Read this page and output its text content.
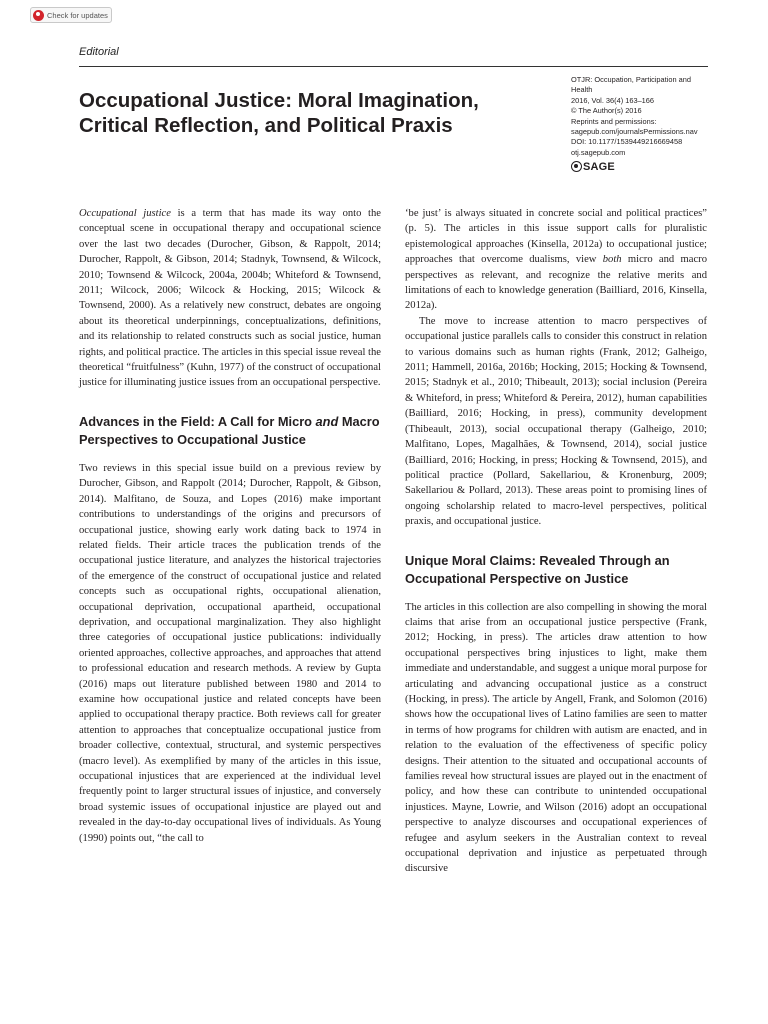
Check for updates
Editorial
Occupational Justice: Moral Imagination,
Critical Reflection, and Political Praxis
OTJR: Occupation, Participation and
Health
2016, Vol. 36(4) 163–166
© The Author(s) 2016
Reprints and permissions:
sagepub.com/journalsPermissions.nav
DOI: 10.1177/1539449216669458
otj.sagepub.com
SAGE

Occupational justice is a term that has made its way onto the conceptual scene in occupational therapy and occupational science over the last two decades (Durocher, Gibson, & Rappolt, 2014; Durocher, Rappolt, & Gibson, 2014; Stadnyk, Townsend, & Wilcock, 2010; Townsend & Wilcock, 2004a, 2004b; Whiteford & Townsend, 2011; Wilcock, 2006; Wilcock & Hocking, 2015; Wilcock & Townsend, 2000). As a relatively new construct, debates are ongoing about its theoretical underpinnings, conceptualizations, definitions, and its relationship to related constructs such as social justice, human rights, and political practice. The articles in this special issue reveal the theoretical “fruitfulness” (Kuhn, 1977) of the construct of occupational justice for illuminating justice issues from an occupational perspective.

Advances in the Field: A Call for Micro and Macro Perspectives to Occupational Justice

Two reviews in this special issue build on a previous review by Durocher, Gibson, and Rappolt (2014; Durocher, Rappolt, & Gibson, 2014). Malfitano, de Souza, and Lopes (2016) make important contributions to understandings of the origins and precursors of occupational justice, showing early work dating back to 1974 in related fields. Their article traces the publication trends of the occupational justice literature, and analyzes the historical trajectories of the emergence of the construct of occupational justice and related concepts such as occupational rights, occupational alienation, occupational deprivation, occupational apartheid, occupational deprivation, and occupational marginalization. They also highlight three categories of occupational justice publications: individually oriented approaches, collective approaches, and approaches that attend to professional education and research methods. A review by Gupta (2016) maps out literature published between 1980 and 2014 to examine how occupational justice and related concepts have been applied to occupational therapy practice. Both reviews call for greater attention to approaches that conceptualize occupational justice from broader collective, contextual, structural, and systemic perspectives (macro level). As exemplified by many of the articles in this issue, occupational injustices that are experienced at the individual level frequently point to larger structural issues of injustice, and conversely broad systemic issues of occupational injustice are played out and revealed in the day-to-day occupational lives of individuals. As Young (1990) points out, “the call to

‘be just’ is always situated in concrete social and political practices” (p. 5). The articles in this issue support calls for pluralistic epistemological approaches (Kinsella, 2012a) to occupational justice; approaches that overcome dualisms, view both micro and macro perspectives as relevant, and recognize the relative merits and limitations of each to knowledge generation (Bailliard, 2016, Kinsella, 2012a).

The move to increase attention to macro perspectives of occupational justice parallels calls to consider this construct in relation to various domains such as human rights (Frank, 2012; Galheigo, 2011; Hammell, 2016a, 2016b; Hocking, 2015; Hocking & Townsend, 2015; Stadnyk et al., 2010; Thibeault, 2013); social inclusion (Pereira & Whiteford, in press; Whiteford & Pereira, 2012), human capabilities (Bailliard, 2016; Hocking, in press), community development (Thibeault, 2013), social occupational therapy (Galheigo, 2010; Malfitano, Lopes, Magalhães, & Townsend, 2014), social justice (Bailliard, 2016; Hocking, in press; Hocking & Townsend, 2015), and political practice (Pollard, Sakellariou, & Kronenburg, 2009; Sakellariou & Pollard, 2013). These areas point to promising lines of ongoing scholarship related to macro-level perspectives, political praxis, and occupational justice.

Unique Moral Claims: Revealed Through an Occupational Perspective on Justice

The articles in this collection are also compelling in showing the moral claims that arise from an occupational justice perspective (Frank, 2012; Hocking, in press). The articles draw attention to how occupational perspectives bring injustices to light, make them immediate and understandable, and suggest a unique moral purpose for articulating and advancing occupational justice as a construct (Hocking, in press). The article by Angell, Frank, and Solomon (2016) shows how the occupational lives of Latino families are seen to matter in terms of how programs for children with autism are enacted, and in relation to the evaluation of the effectiveness of specific policy designs. Their attention to the situated and occupational accounts of families reveal how structural issues are played out in the enactment of policy, and how these can contribute to unintended occupational injustices. Mayne, Lowrie, and Wilson (2016) adopt an occupational perspective to analyze discourses and occupational experiences of refugee and asylum seekers in the Australian context to reveal occupational deprivation and injustice as perpetuated through discursive
